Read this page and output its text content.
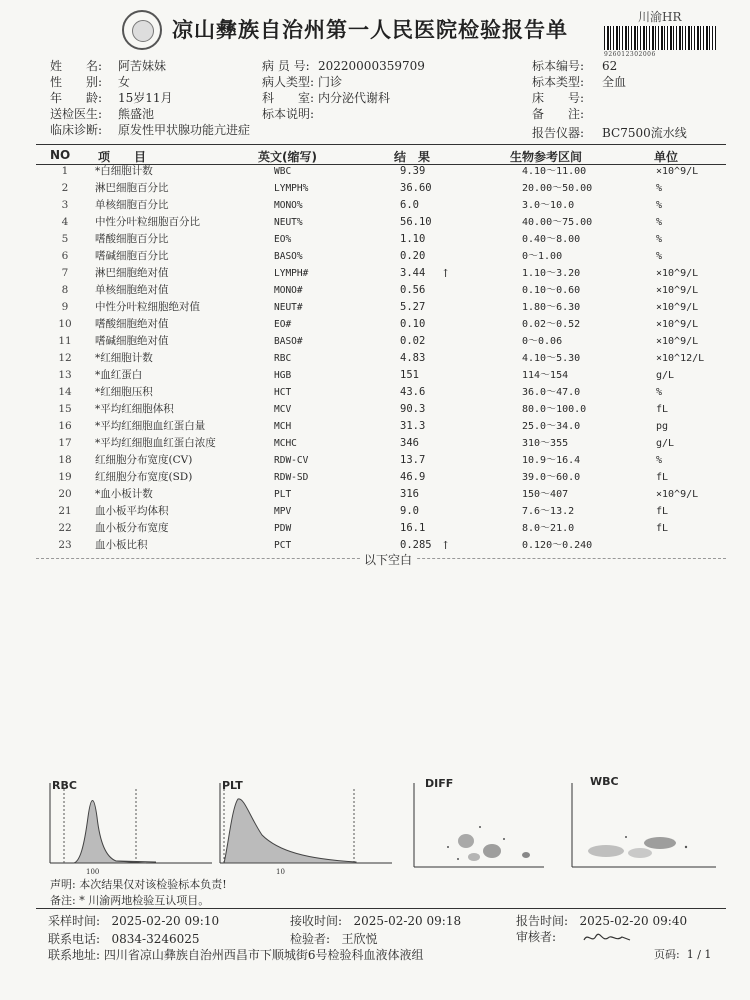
凉山彝族自治州第一人民医院检验报告单
川渝HR
926012302006
姓　　名: 阿苦妹妹
性　　别: 女
年　　龄: 15岁11月
送检医生: 熊盛池
临床诊断: 原发性甲状腺功能亢进症
病 员 号: 20220000359709
病人类型: 门诊
科　　室: 内分泌代谢科
标本说明:
标本编号: 62
标本类型: 全血
床　　号:
备　　注:
报告仪器: BC7500流水线
NO 项　　目	英文(缩写)	结　果	生物参考区间	单位
1	*白细胞计数	WBC	9.39	4.10～11.00	×10^9/L
2	淋巴细胞百分比	LYMPH%	36.60	20.00～50.00	%
3	单核细胞百分比	MONO%	6.0	3.0～10.0	%
4	中性分叶粒细胞百分比	NEUT%	56.10	40.00～75.00	%
5	嗜酸细胞百分比	EO%	1.10	0.40～8.00	%
6	嗜碱细胞百分比	BASO%	0.20	0～1.00	%
7	淋巴细胞绝对值	LYMPH#	3.44 ↑	1.10～3.20	×10^9/L
8	单核细胞绝对值	MONO#	0.56	0.10～0.60	×10^9/L
9	中性分叶粒细胞绝对值	NEUT#	5.27	1.80～6.30	×10^9/L
10	嗜酸细胞绝对值	EO#	0.10	0.02～0.52	×10^9/L
11	嗜碱细胞绝对值	BASO#	0.02	0～0.06	×10^9/L
12	*红细胞计数	RBC	4.83	4.10～5.30	×10^12/L
13	*血红蛋白	HGB	151	114～154	g/L
14	*红细胞压积	HCT	43.6	36.0～47.0	%
15	*平均红细胞体积	MCV	90.3	80.0～100.0	fL
16	*平均红细胞血红蛋白量	MCH	31.3	25.0～34.0	pg
17	*平均红细胞血红蛋白浓度	MCHC	346	310～355	g/L
18	红细胞分布宽度(CV)	RDW-CV	13.7	10.9～16.4	%
19	红细胞分布宽度(SD)	RDW-SD	46.9	39.0～60.0	fL
20	*血小板计数	PLT	316	150～407	×10^9/L
21	血小板平均体积	MPV	9.0	7.6～13.2	fL
22	血小板分布宽度	PDW	16.1	8.0～21.0	fL
23	血小板比积	PCT	0.285 ↑	0.120～0.240
以下空白
100
RBC
10
PLT	DIFF	WBC
声明: 本次结果仅对该检验标本负责!
备注: * 川渝两地检验互认项目。
采样时间: 2025-02-20 09:10	接收时间: 2025-02-20 09:18	报告时间: 2025-02-20 09:40
联系电话: 0834-3246025	检验者: 王欣悦	审核者:
联系地址: 四川省凉山彝族自治州西昌市下顺城街6号检验科血液体液组	页码: 1 / 1
